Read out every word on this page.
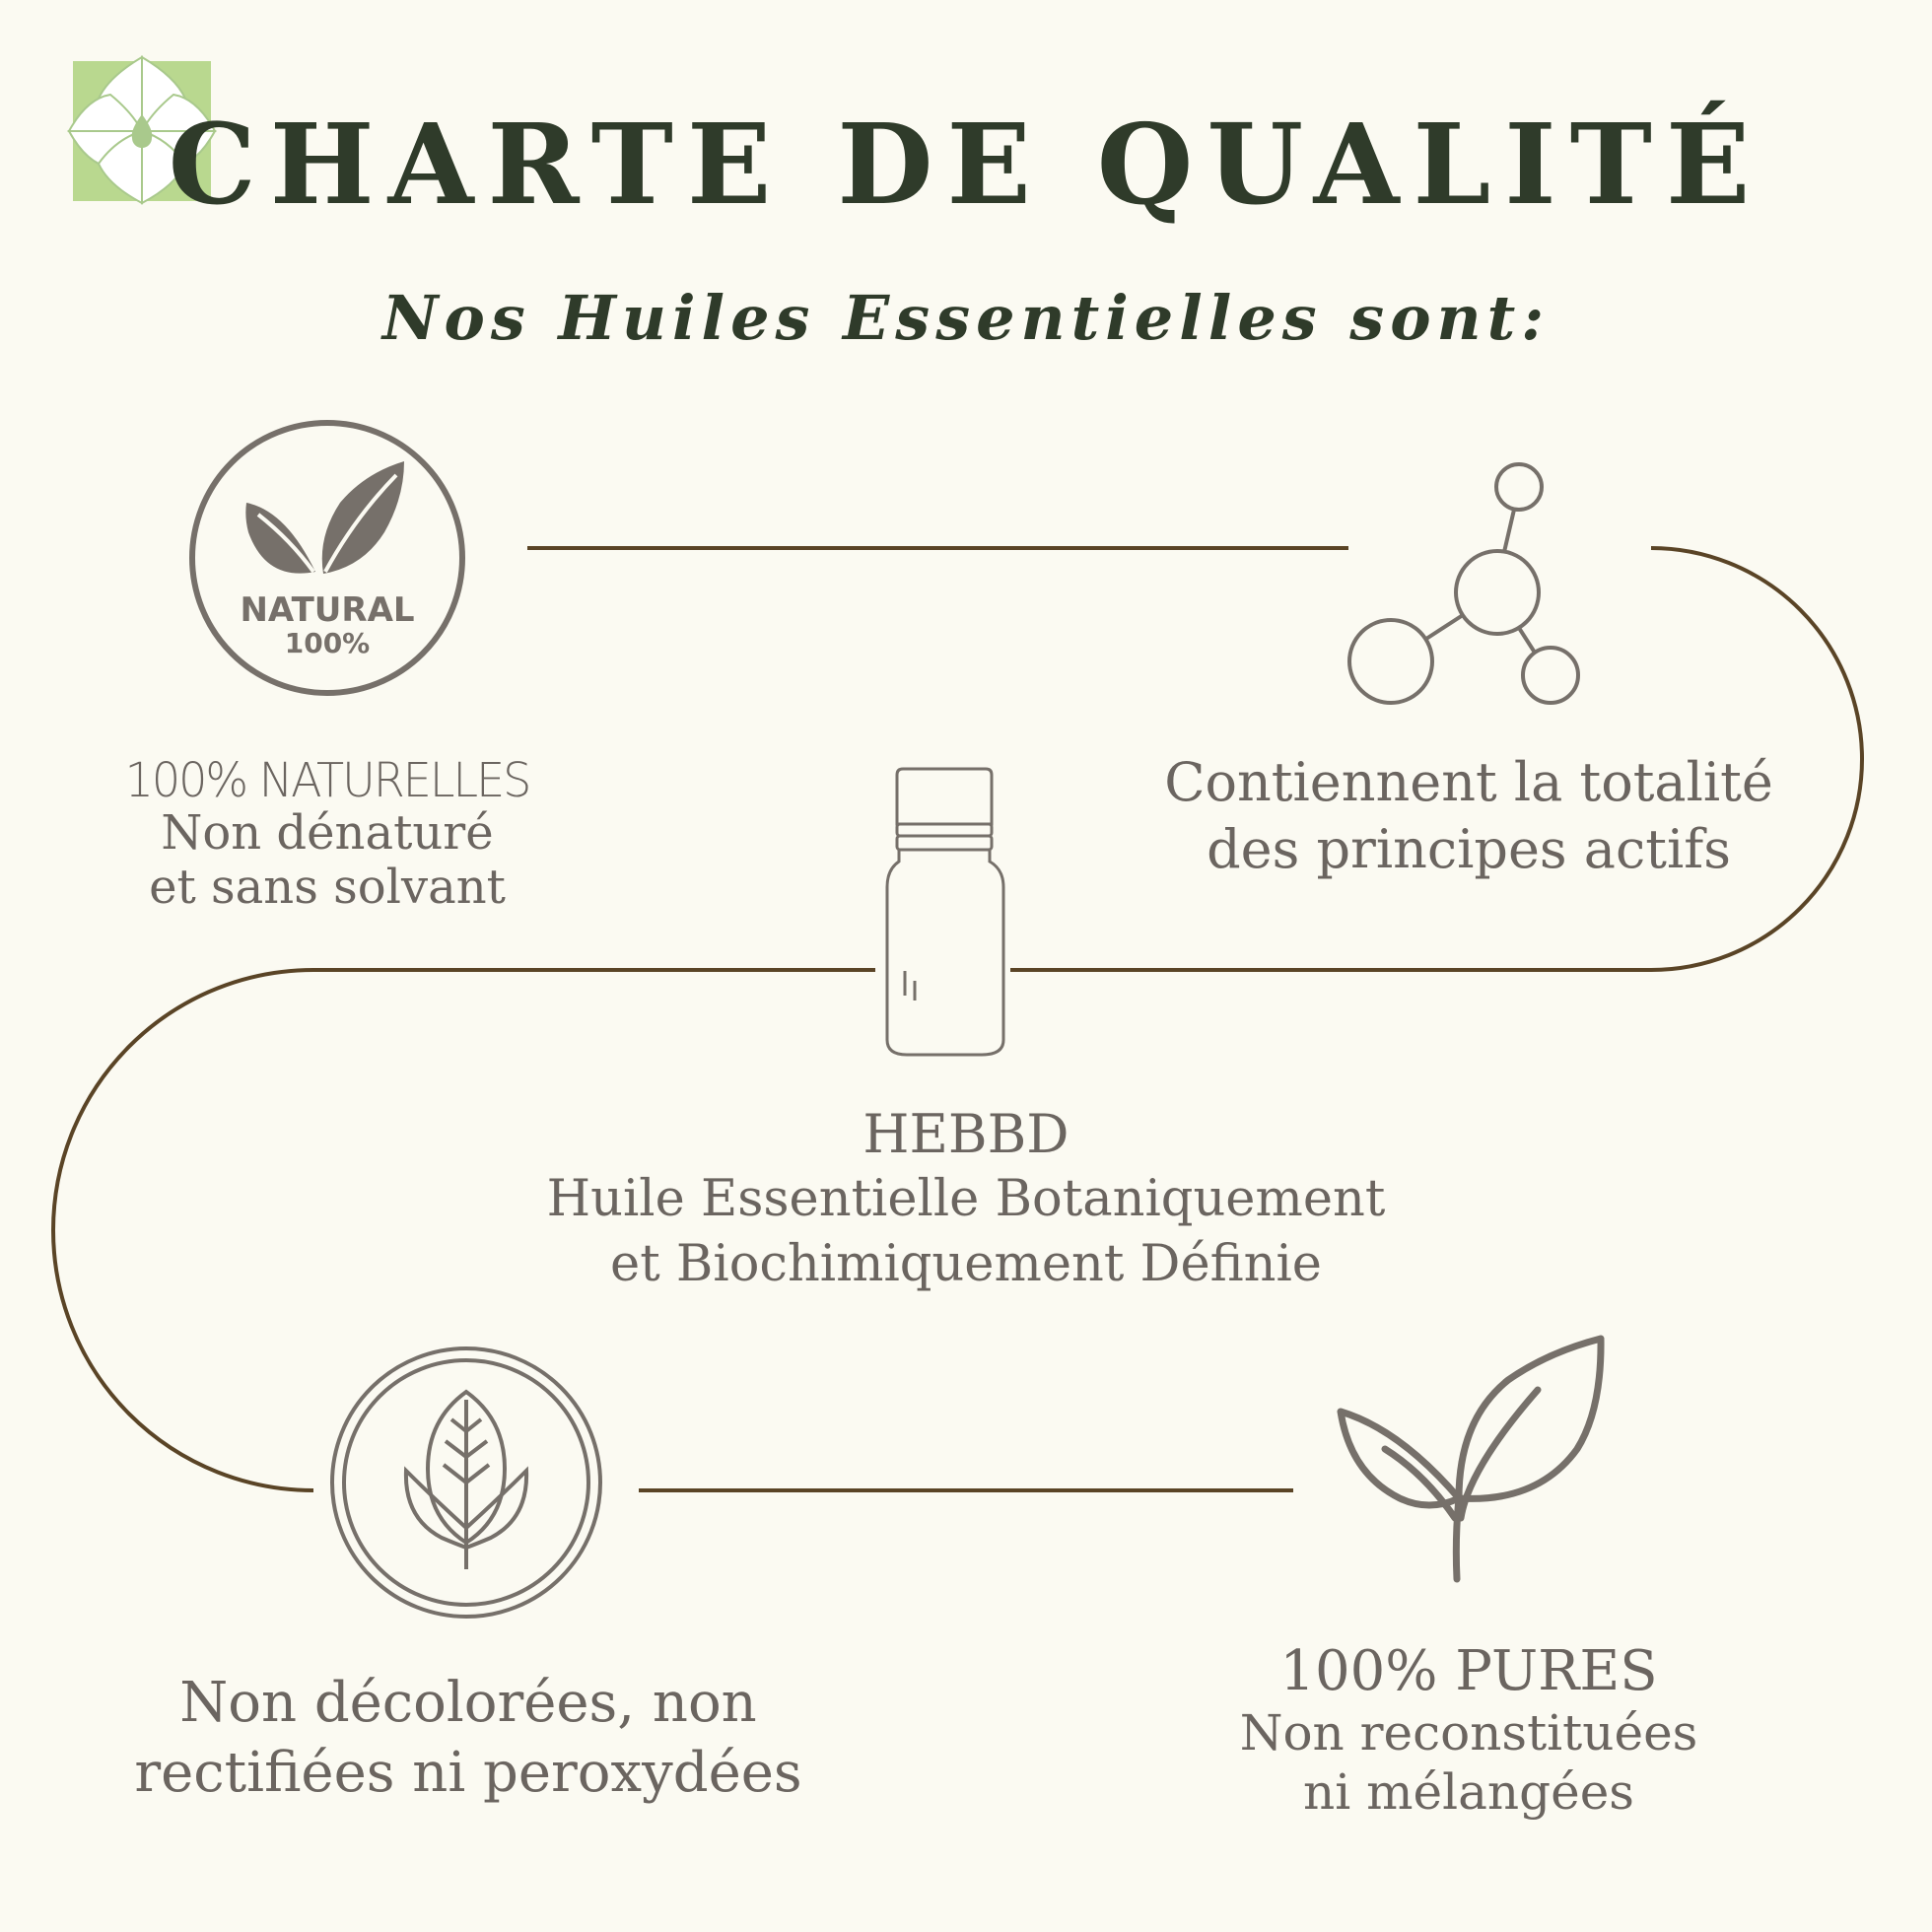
NATURAL
100%
CHARTE DE QUALITÉ
Nos Huiles Essentielles sont:
100% NATURELLES
Non dénaturé
et sans solvant
Contiennent la totalité
des principes actifs
HEBBD
Huile Essentielle Botaniquement
et Biochimiquement Définie
Non décolorées, non
rectifiées ni peroxydées
100% PURES
Non reconstituées
ni mélangées
